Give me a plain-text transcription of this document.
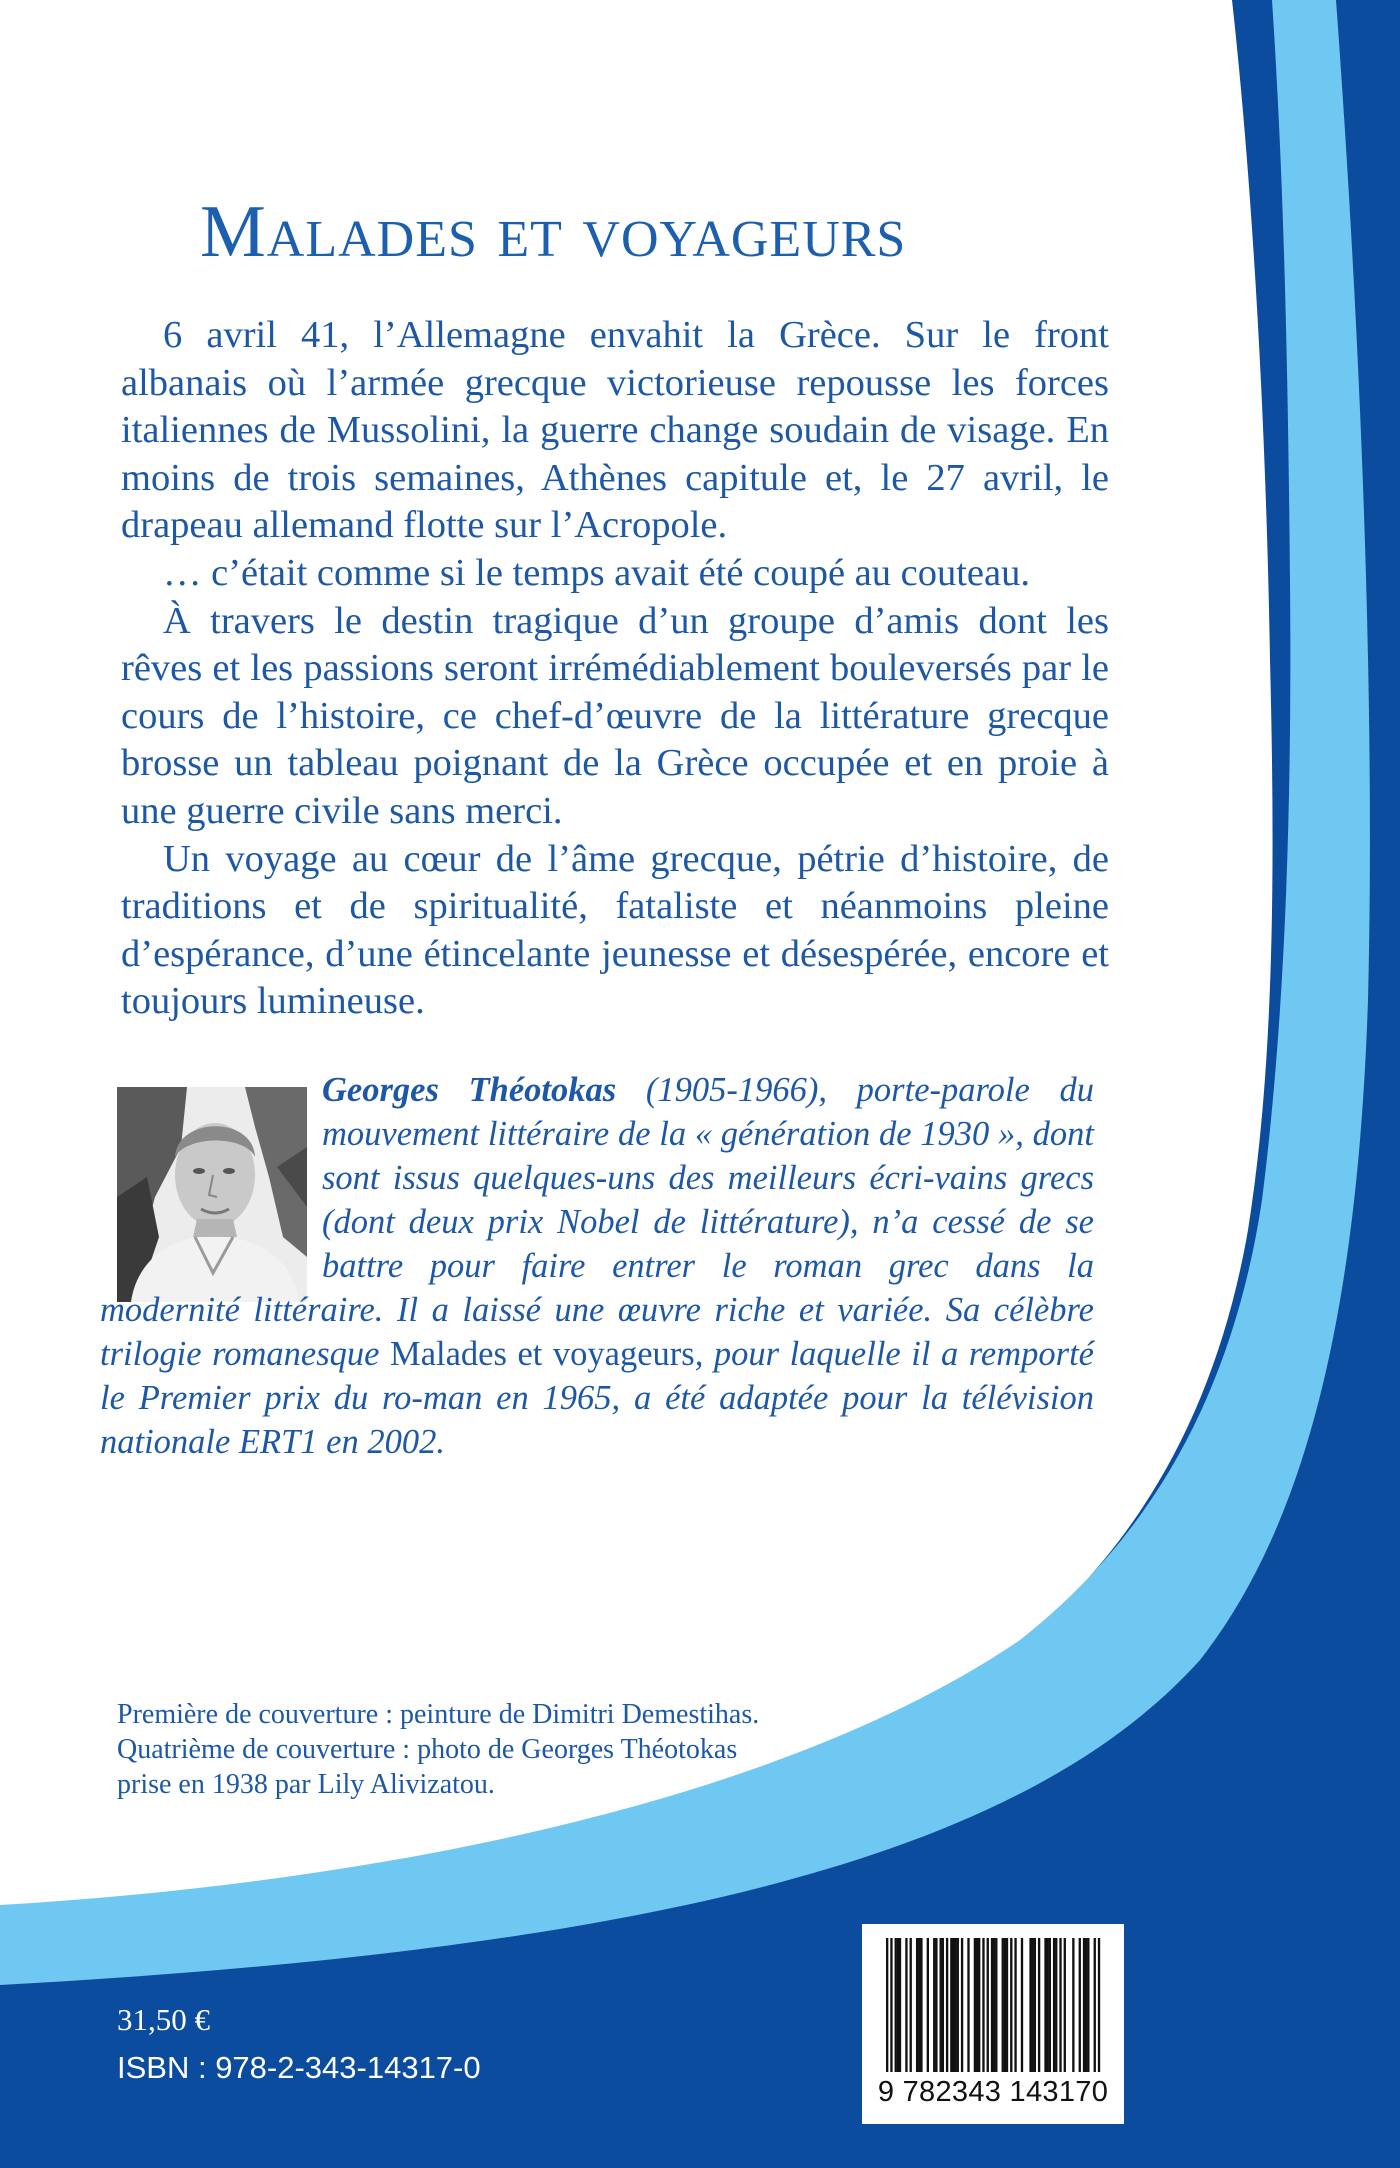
Malades et voyageurs

6 avril 41, l’Allemagne envahit la Grèce. Sur le front albanais où l’armée grecque victorieuse repousse les forces italiennes de Mussolini, la guerre change soudain de visage. En moins de trois semaines, Athènes capitule et, le 27 avril, le drapeau allemand flotte sur l’Acropole.

… c’était comme si le temps avait été coupé au couteau.

À travers le destin tragique d’un groupe d’amis dont les rêves et les passions seront irrémédiablement bouleversés par le cours de l’histoire, ce chef-d’œuvre de la littérature grecque brosse un tableau poignant de la Grèce occupée et en proie à une guerre civile sans merci.

Un voyage au cœur de l’âme grecque, pétrie d’histoire, de traditions et de spiritualité, fataliste et néanmoins pleine d’espérance, d’une étincelante jeunesse et désespérée, encore et toujours lumineuse.

Georges Théotokas (1905-1966), porte-parole du mouvement littéraire de la « génération de 1930 », dont sont issus quelques-uns des meilleurs écri-vains grecs (dont deux prix Nobel de littérature), n’a cessé de se battre pour faire entrer le roman grec dans la modernité littéraire. Il a laissé une œuvre riche et variée. Sa célèbre trilogie romanesque Malades et voyageurs, pour laquelle il a remporté le Premier prix du ro-man en 1965, a été adaptée pour la télévision nationale ERT1 en 2002.
Première de couverture : peinture de Dimitri Demestihas.
Quatrième de couverture : photo de Georges Théotokas
prise en 1938 par Lily Alivizatou.
31,50 €
ISBN : 978-2-343-14317-0
9 782343 143170
